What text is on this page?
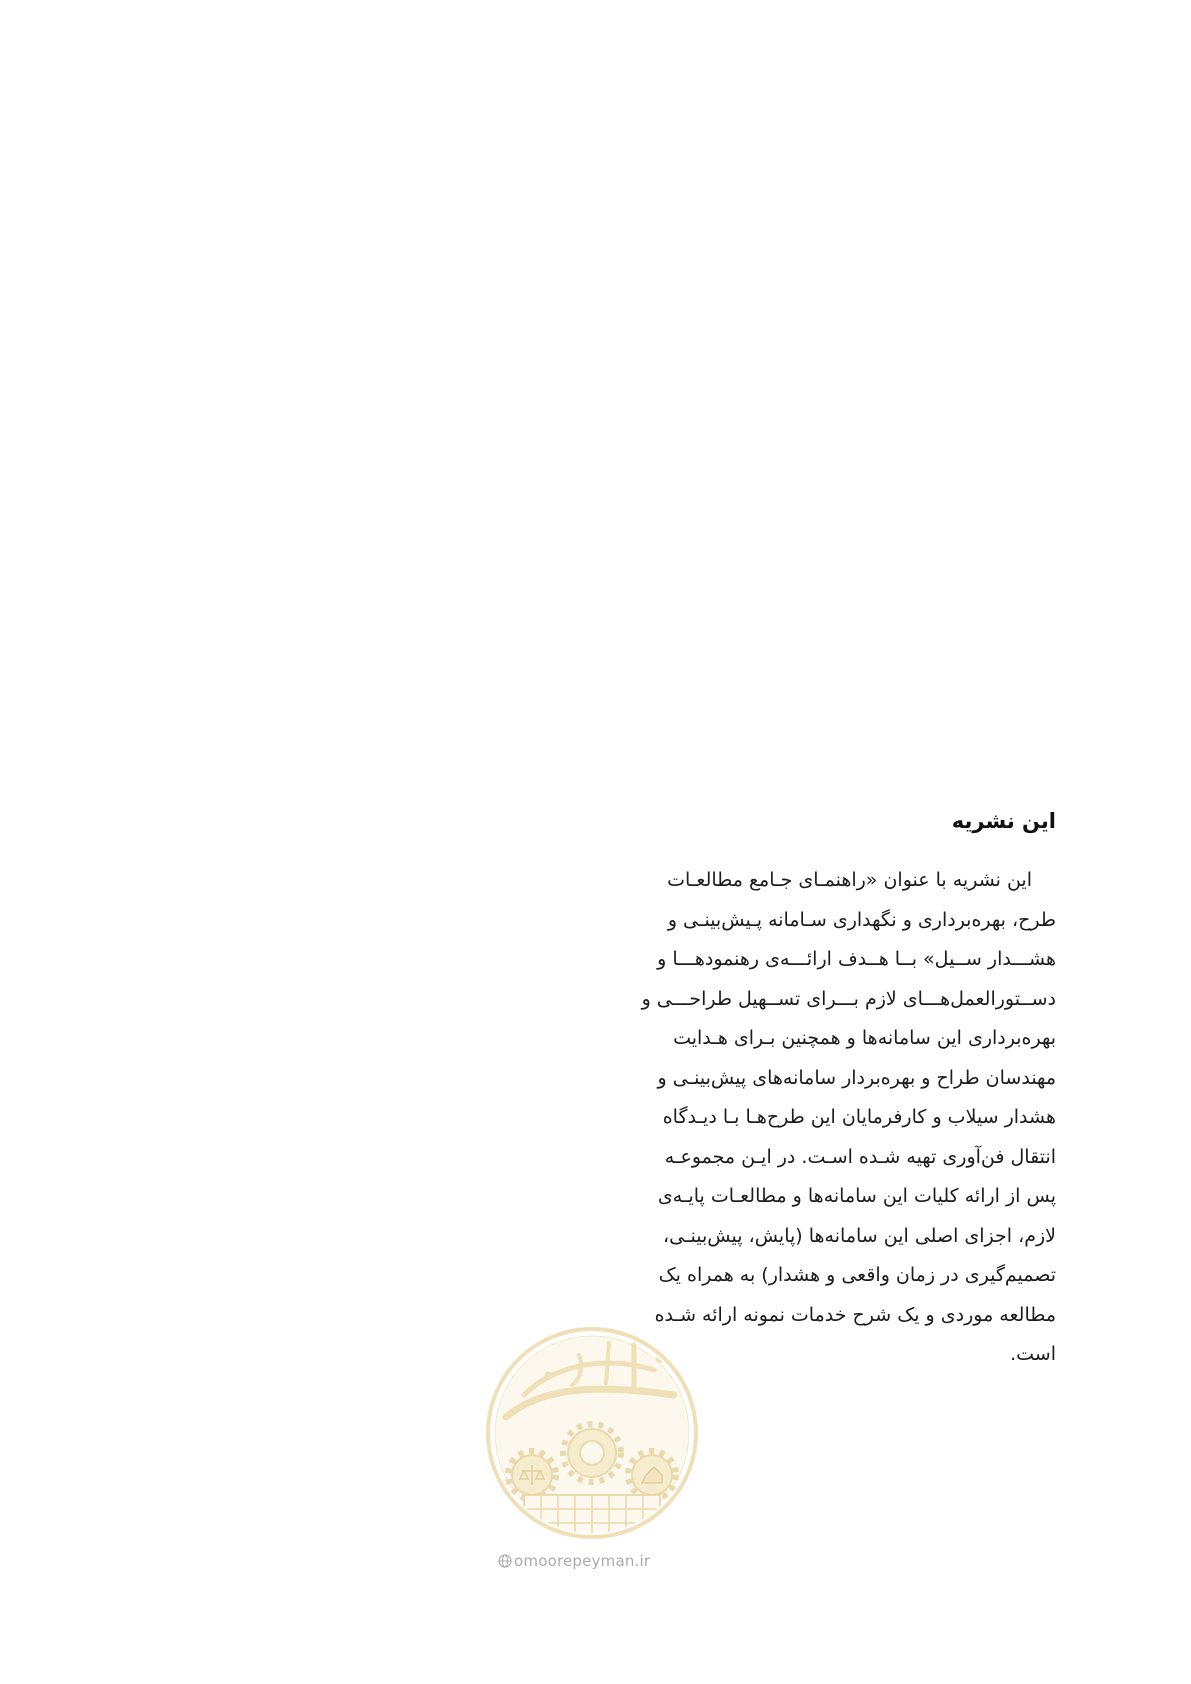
این نشریه
این نشریه با عنوان «راهنمـای جـامع مطالعـات
طرح، بهره‌برداری و نگهداری سـامانه پـیش‌بینـی و
هشـــدار ســیل» بــا هــدف ارائـــه‌ی رهنمودهـــا و
دســتورالعمل‌هـــای لازم بـــرای تســهیل طراحـــی و
بهره‌برداری این سامانه‌ها و همچنین بـرای هـدایت
مهندسان طراح و بهره‌بردار سامانه‌های پیش‌بینـی و
هشدار سیلاب و کارفرمایان این طرح‌هـا بـا دیـدگاه
انتقال فن‌آوری تهیه شـده اسـت. در ایـن مجموعـه
پس از ارائه کلیات این سامانه‌ها و مطالعـات پایـه‌ی
لازم، اجزای اصلی این سامانه‌ها (پایش، پیش‌بینـی،
تصمیم‌گیری در زمان واقعی و هشدار) به همراه یک
مطالعه موردی و یک شرح خدمات نمونه ارائه شـده
است.
omoorepeyman.ir
